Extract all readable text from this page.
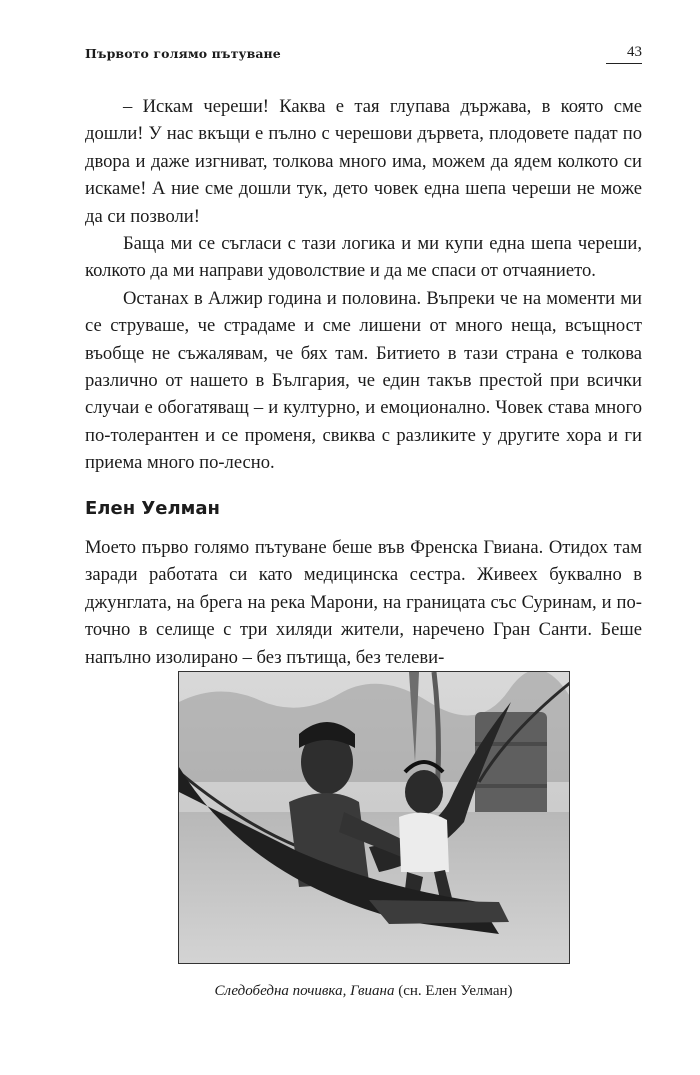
Първото голямо пътуване	43

– Искам череши! Каква е тая глупава държава, в която сме дошли! У нас вкъщи е пълно с черешови дървета, плодовете падат по двора и даже изгниват, толкова много има, можем да ядем колкото си искаме! А ние сме дошли тук, дето човек една шепа череши не може да си позволи!

Баща ми се съгласи с тази логика и ми купи една шепа череши, колкото да ми направи удоволствие и да ме спаси от отчаянието.

Останах в Алжир година и половина. Въпреки че на моменти ми се струваше, че страдаме и сме лишени от много неща, всъщност въобще не съжалявам, че бях там. Битието в тази страна е толкова различно от нашето в България, че един такъв престой при всички случаи е обогатяващ – и културно, и емоционално. Човек става много по-толерантен и се променя, свиква с разликите у другите хора и ги приема много по-лесно.

Елен Уелман

Моето първо голямо пътуване беше във Френска Гвиана. Отидох там заради работата си като медицинска сестра. Живеех буквално в джунглата, на брега на река Марони, на границата със Суринам, и по-точно в селище с три хиляди жители, наречено Гран Санти. Беше напълно изолирано – без пътища, без телеви-

Следобедна почивка, Гвиана (сн. Елен Уелман)
